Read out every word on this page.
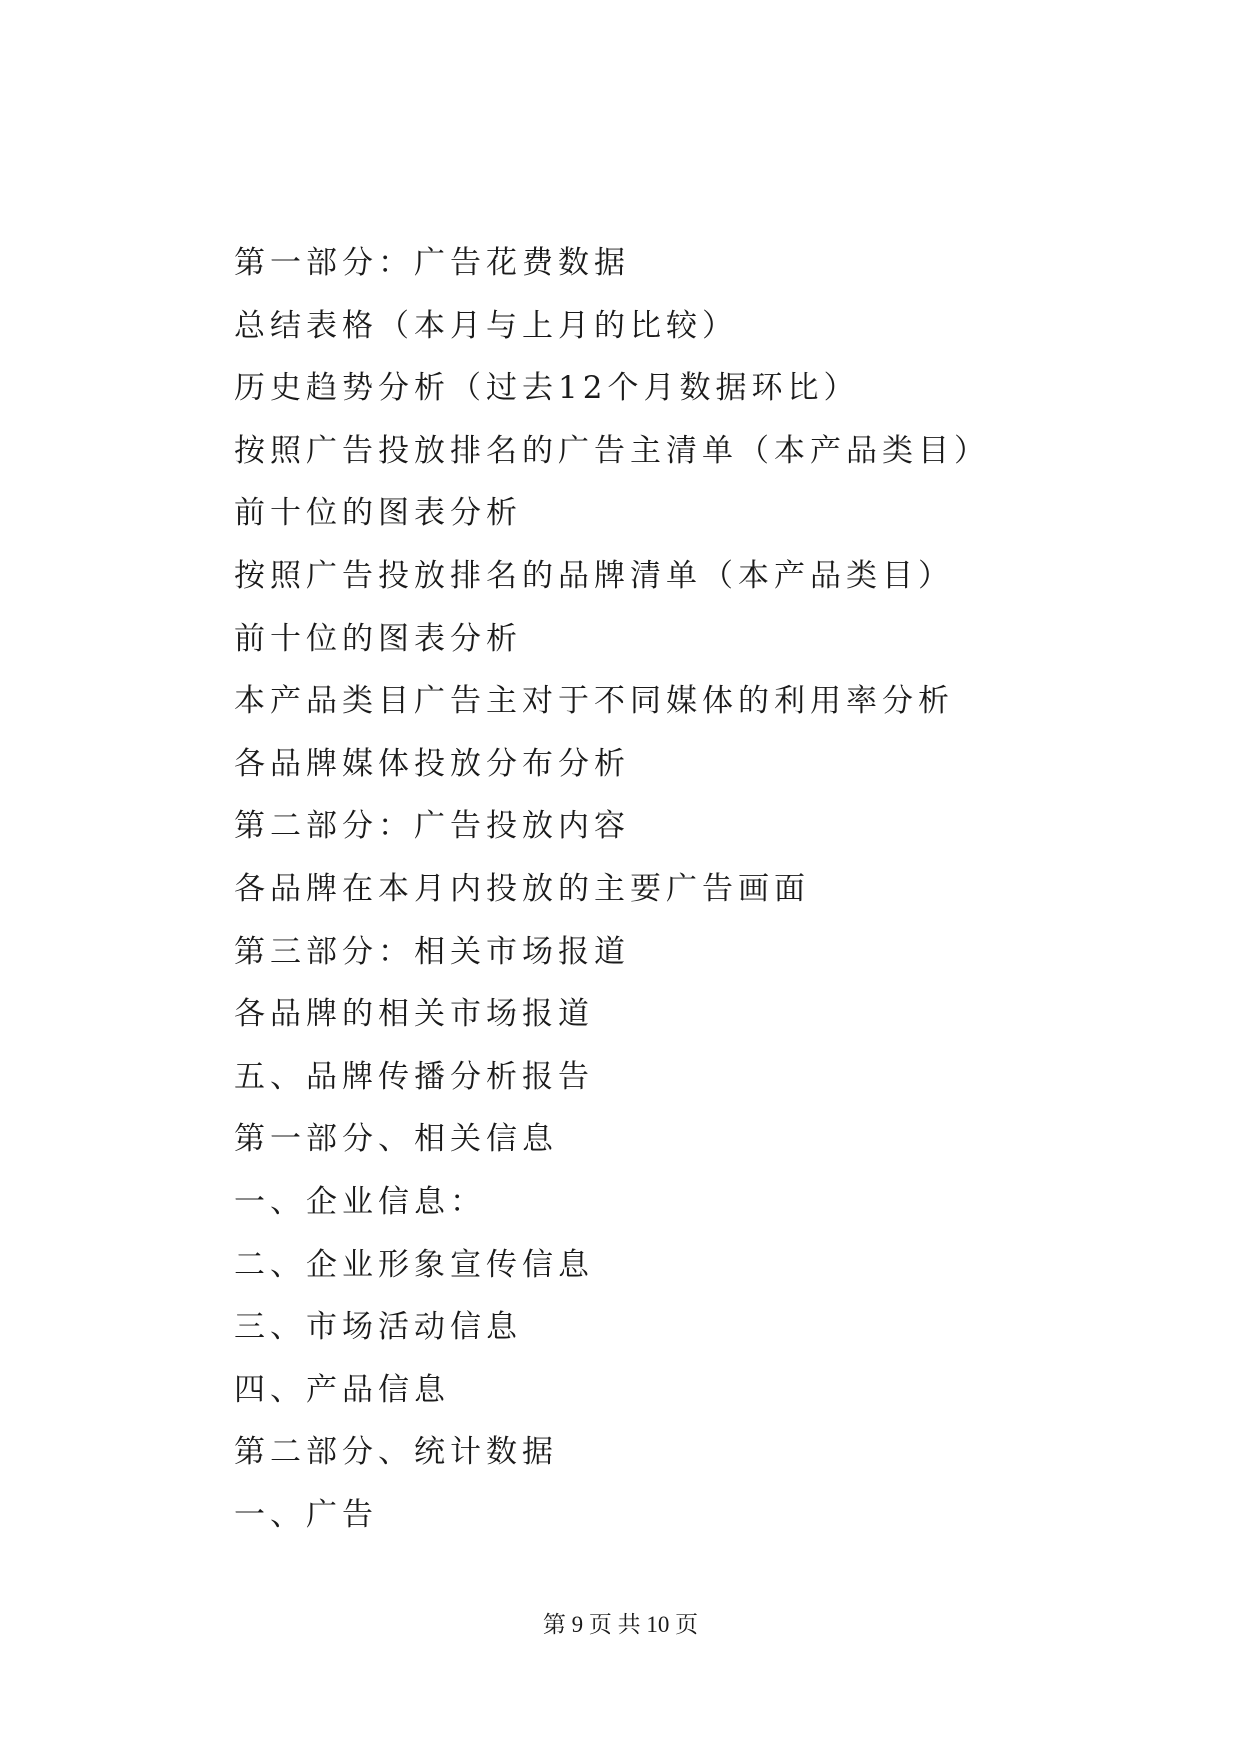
第一部分：广告花费数据
总结表格（本月与上月的比较）
历史趋势分析（过去12个月数据环比）
按照广告投放排名的广告主清单（本产品类目）
前十位的图表分析
按照广告投放排名的品牌清单（本产品类目）
前十位的图表分析
本产品类目广告主对于不同媒体的利用率分析
各品牌媒体投放分布分析
第二部分：广告投放内容
各品牌在本月内投放的主要广告画面
第三部分：相关市场报道
各品牌的相关市场报道
五、品牌传播分析报告
第一部分、相关信息
一、企业信息：
二、企业形象宣传信息
三、市场活动信息
四、产品信息
第二部分、统计数据
一、广告
第 9 页 共 10 页
